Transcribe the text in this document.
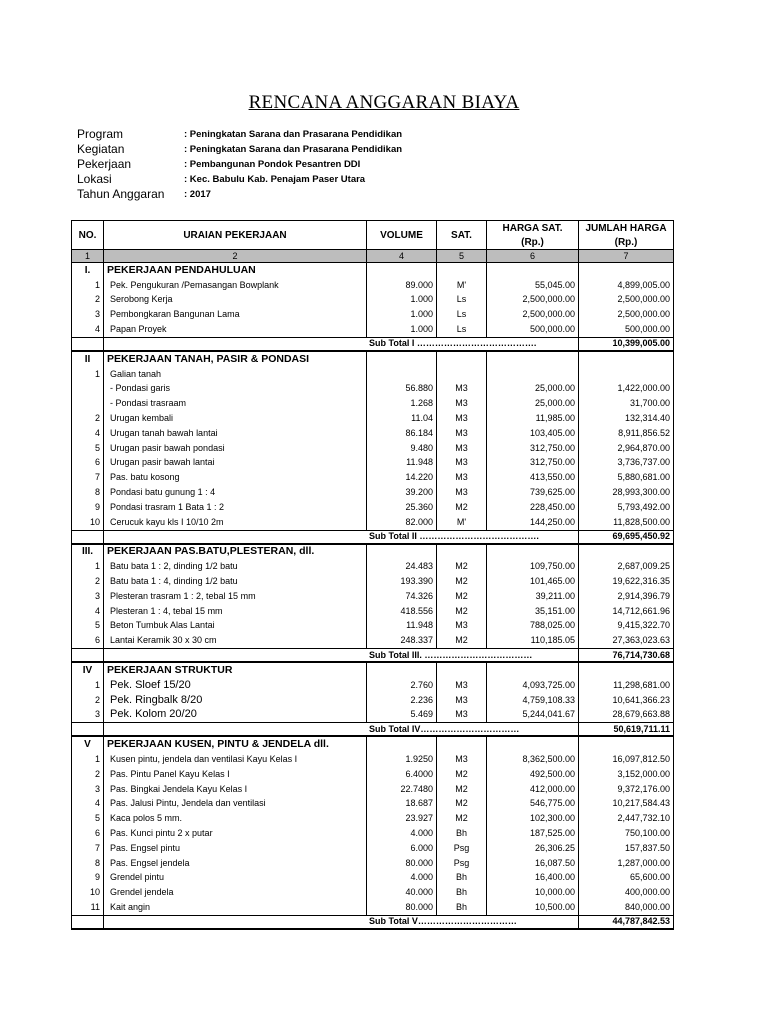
RENCANA ANGGARAN BIAYA
Program	: Peningkatan Sarana dan Prasarana Pendidikan
Kegiatan	: Peningkatan Sarana dan Prasarana Pendidikan
Pekerjaan	: Pembangunan Pondok Pesantren DDI
Lokasi	: Kec. Babulu Kab. Penajam Paser Utara
Tahun Anggaran : 2017
NO.	URAIAN PEKERJAAN	VOLUME	SAT.	HARGA SAT.	JUMLAH HARGA
				(Rp.)	(Rp.)
1	2	4	5	6	7
I.	PEKERJAAN PENDAHULUAN				
1	Pek. Pengukuran /Pemasangan Bowplank	89.000	M'	55,045.00	4,899,005.00
2	Serobong Kerja	1.000	Ls	2,500,000.00	2,500,000.00
3	Pembongkaran Bangunan Lama	1.000	Ls	2,500,000.00	2,500,000.00
4	Papan Proyek	1.000	Ls	500,000.00	500,000.00
	Sub Total I ………………………………….				10,399,005.00
II	PEKERJAAN TANAH, PASIR & PONDASI				
1	Galian tanah				
	- Pondasi garis	56.880	M3	25,000.00	1,422,000.00
	- Pondasi trasraam	1.268	M3	25,000.00	31,700.00
2	Urugan kembali	11.04	M3	11,985.00	132,314.40
4	Urugan tanah bawah lantai	86.184	M3	103,405.00	8,911,856.52
5	Urugan pasir bawah pondasi	9.480	M3	312,750.00	2,964,870.00
6	Urugan pasir bawah lantai	11.948	M3	312,750.00	3,736,737.00
7	Pas. batu kosong	14.220	M3	413,550.00	5,880,681.00
8	Pondasi batu gunung 1 : 4	39.200	M3	739,625.00	28,993,300.00
9	Pondasi trasram 1 Bata 1 : 2	25.360	M2	228,450.00	5,793,492.00
10	Cerucuk kayu kls I 10/10 2m	82.000	M'	144,250.00	11,828,500.00
	Sub Total II ………………………………….				69,695,450.92
III.	PEKERJAAN PAS.BATU,PLESTERAN, dll.				
1	Batu bata 1 : 2, dinding 1/2 batu	24.483	M2	109,750.00	2,687,009.25
2	Batu bata 1 : 4, dinding 1/2 batu	193.390	M2	101,465.00	19,622,316.35
3	Plesteran trasram 1 : 2, tebal 15 mm	74.326	M2	39,211.00	2,914,396.79
4	Plesteran 1 : 4, tebal 15 mm	418.556	M2	35,151.00	14,712,661.96
5	Beton Tumbuk Alas Lantai	11.948	M3	788,025.00	9,415,322.70
6	Lantai Keramik 30 x 30 cm	248.337	M2	110,185.05	27,363,023.63
	Sub Total III. ………………………………				76,714,730.68
IV	PEKERJAAN STRUKTUR				
1	Pek. Sloef 15/20	2.760	M3	4,093,725.00	11,298,681.00
2	Pek. Ringbalk 8/20	2.236	M3	4,759,108.33	10,641,366.23
3	Pek. Kolom 20/20	5.469	M3	5,244,041.67	28,679,663.88
	Sub Total IV……………………………				50,619,711.11
V	PEKERJAAN KUSEN, PINTU & JENDELA dll.				
1	Kusen pintu, jendela dan ventilasi Kayu Kelas I	1.9250	M3	8,362,500.00	16,097,812.50
2	Pas. Pintu Panel Kayu Kelas I	6.4000	M2	492,500.00	3,152,000.00
3	Pas. Bingkai Jendela Kayu Kelas I	22.7480	M2	412,000.00	9,372,176.00
4	Pas. Jalusi Pintu, Jendela dan ventilasi	18.687	M2	546,775.00	10,217,584.43
5	Kaca polos 5 mm.	23.927	M2	102,300.00	2,447,732.10
6	Pas. Kunci pintu 2 x putar	4.000	Bh	187,525.00	750,100.00
7	Pas. Engsel pintu	6.000	Psg	26,306.25	157,837.50
8	Pas. Engsel jendela	80.000	Psg	16,087.50	1,287,000.00
9	Grendel pintu	4.000	Bh	16,400.00	65,600.00
10	Grendel jendela	40.000	Bh	10,000.00	400,000.00
11	Kait angin	80.000	Bh	10,500.00	840,000.00
	Sub Total V……………………………				44,787,842.53
